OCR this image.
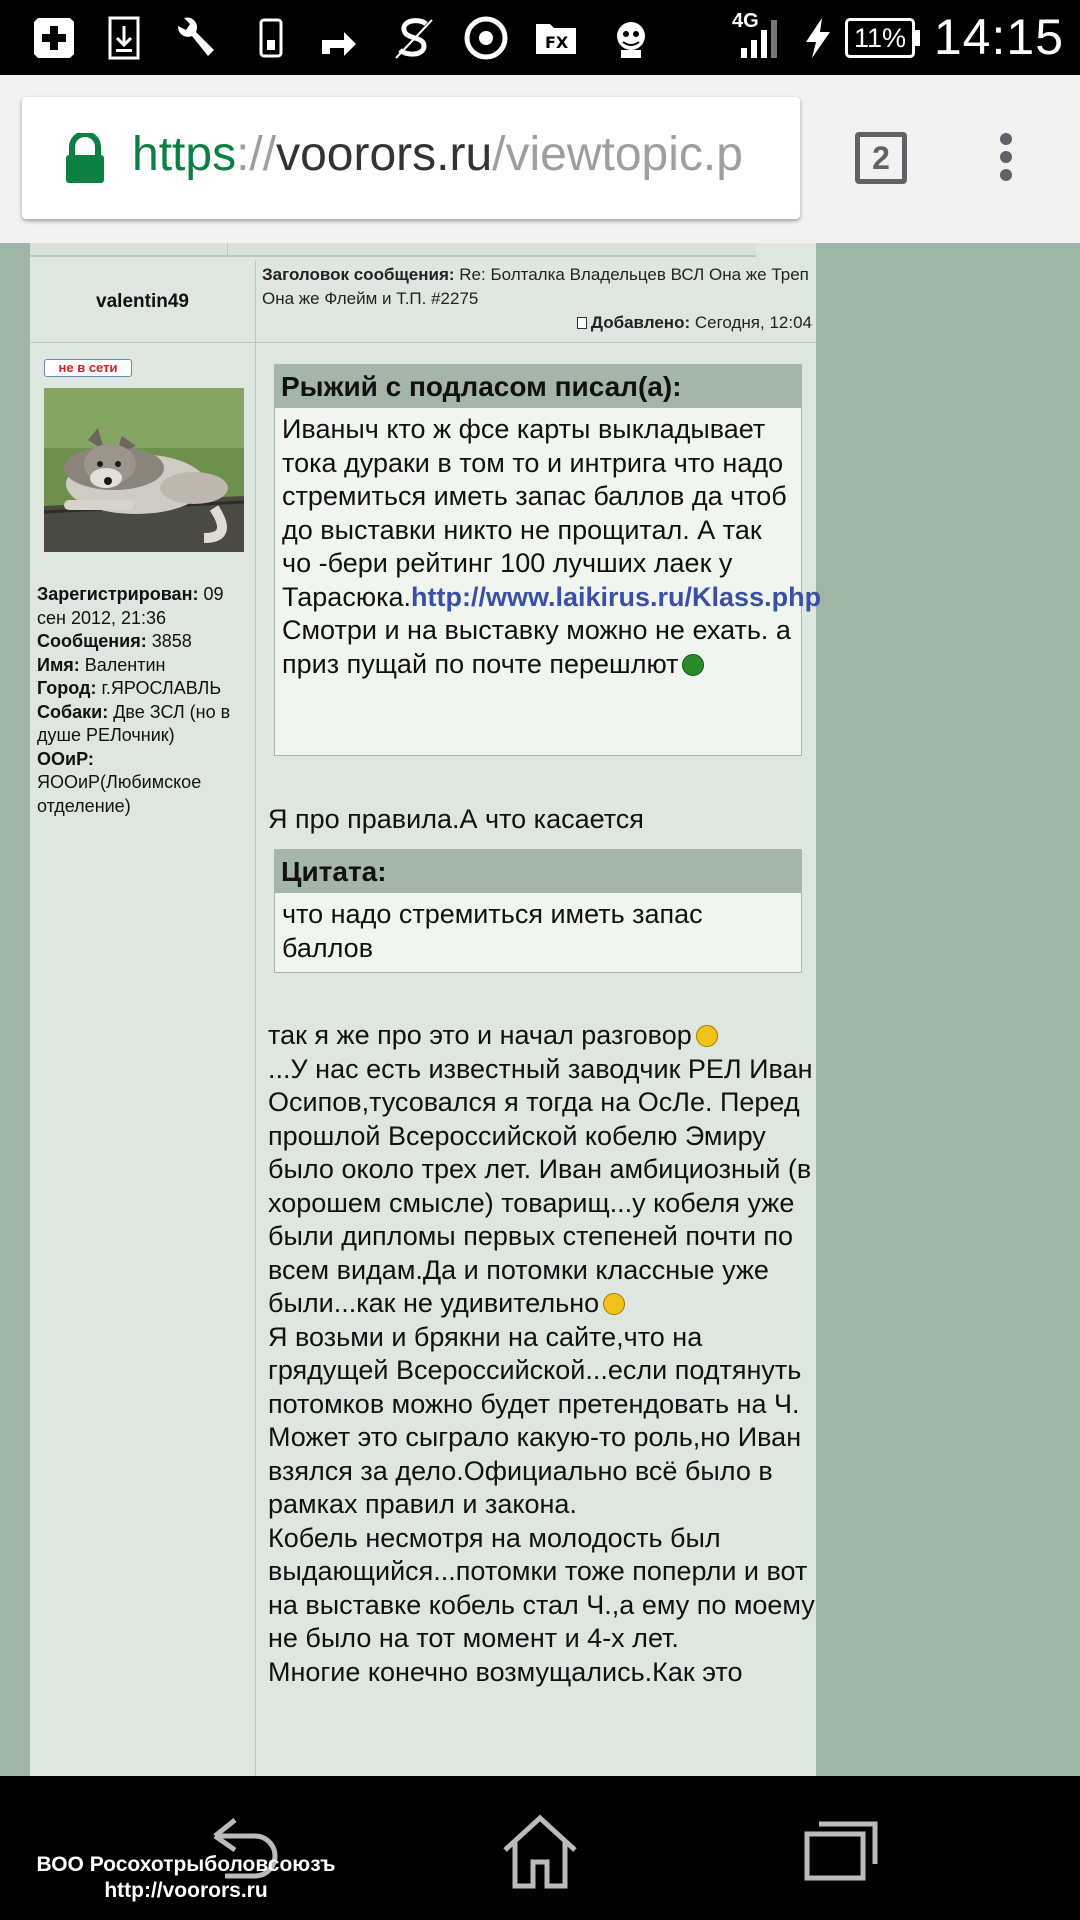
FX
4G
11% 14:15
https://voorors.ru/viewtopic.p	2
valentin49
Заголовок сообщения: Re: Болталка Владельцев ВСЛ Она же Треп Она же Флейм и Т.П. #2275
Добавлено: Сегодня, 12:04
не в сети
Зарегистрирован: 09 сен 2012, 21:36
Сообщения: 3858
Имя: Валентин
Город: г.ЯРОСЛАВЛЬ
Собаки: Две ЗСЛ (но в душе РЕЛочник)
ООиР:
ЯООиР(Любимское отделение)
Рыжий с подласом писал(а):
Иваныч кто ж фсе карты выкладывает тока дураки в том то и интрига что надо стремиться иметь запас баллов да чтоб до выставки никто не прощитал. А так чо -бери рейтинг 100 лучших лаек у Тарасюка.http://www.laikirus.ru/Klass.php
Смотри и на выставку можно не ехать. а приз пущай по почте перешлют
Я про правила.А что касается
Цитата:
что надо стремиться иметь запас баллов
так я же про это и начал разговор
...У нас есть известный заводчик РЕЛ Иван Осипов,тусовался я тогда на ОсЛе. Перед прошлой Всероссийской кобелю Эмиру было около трех лет. Иван амбициозный (в хорошем смысле) товарищ...у кобеля уже были дипломы первых степеней почти по всем видам.Да и потомки классные уже были...как не удивительно
Я возьми и брякни на сайте,что на грядущей Всероссийской...если подтянуть потомков можно будет претендовать на Ч.
Может это сыграло какую-то роль,но Иван взялся за дело.Официально всё было в рамках правил и закона.
Кобель несмотря на молодость был выдающийся...потомки тоже поперли и вот на выставке кобель стал Ч.,а ему по моему не было на тот момент и 4-х лет.
Многие конечно возмущались.Как это
ВОО Росохотрыболовсоюзъ
http://voorors.ru
